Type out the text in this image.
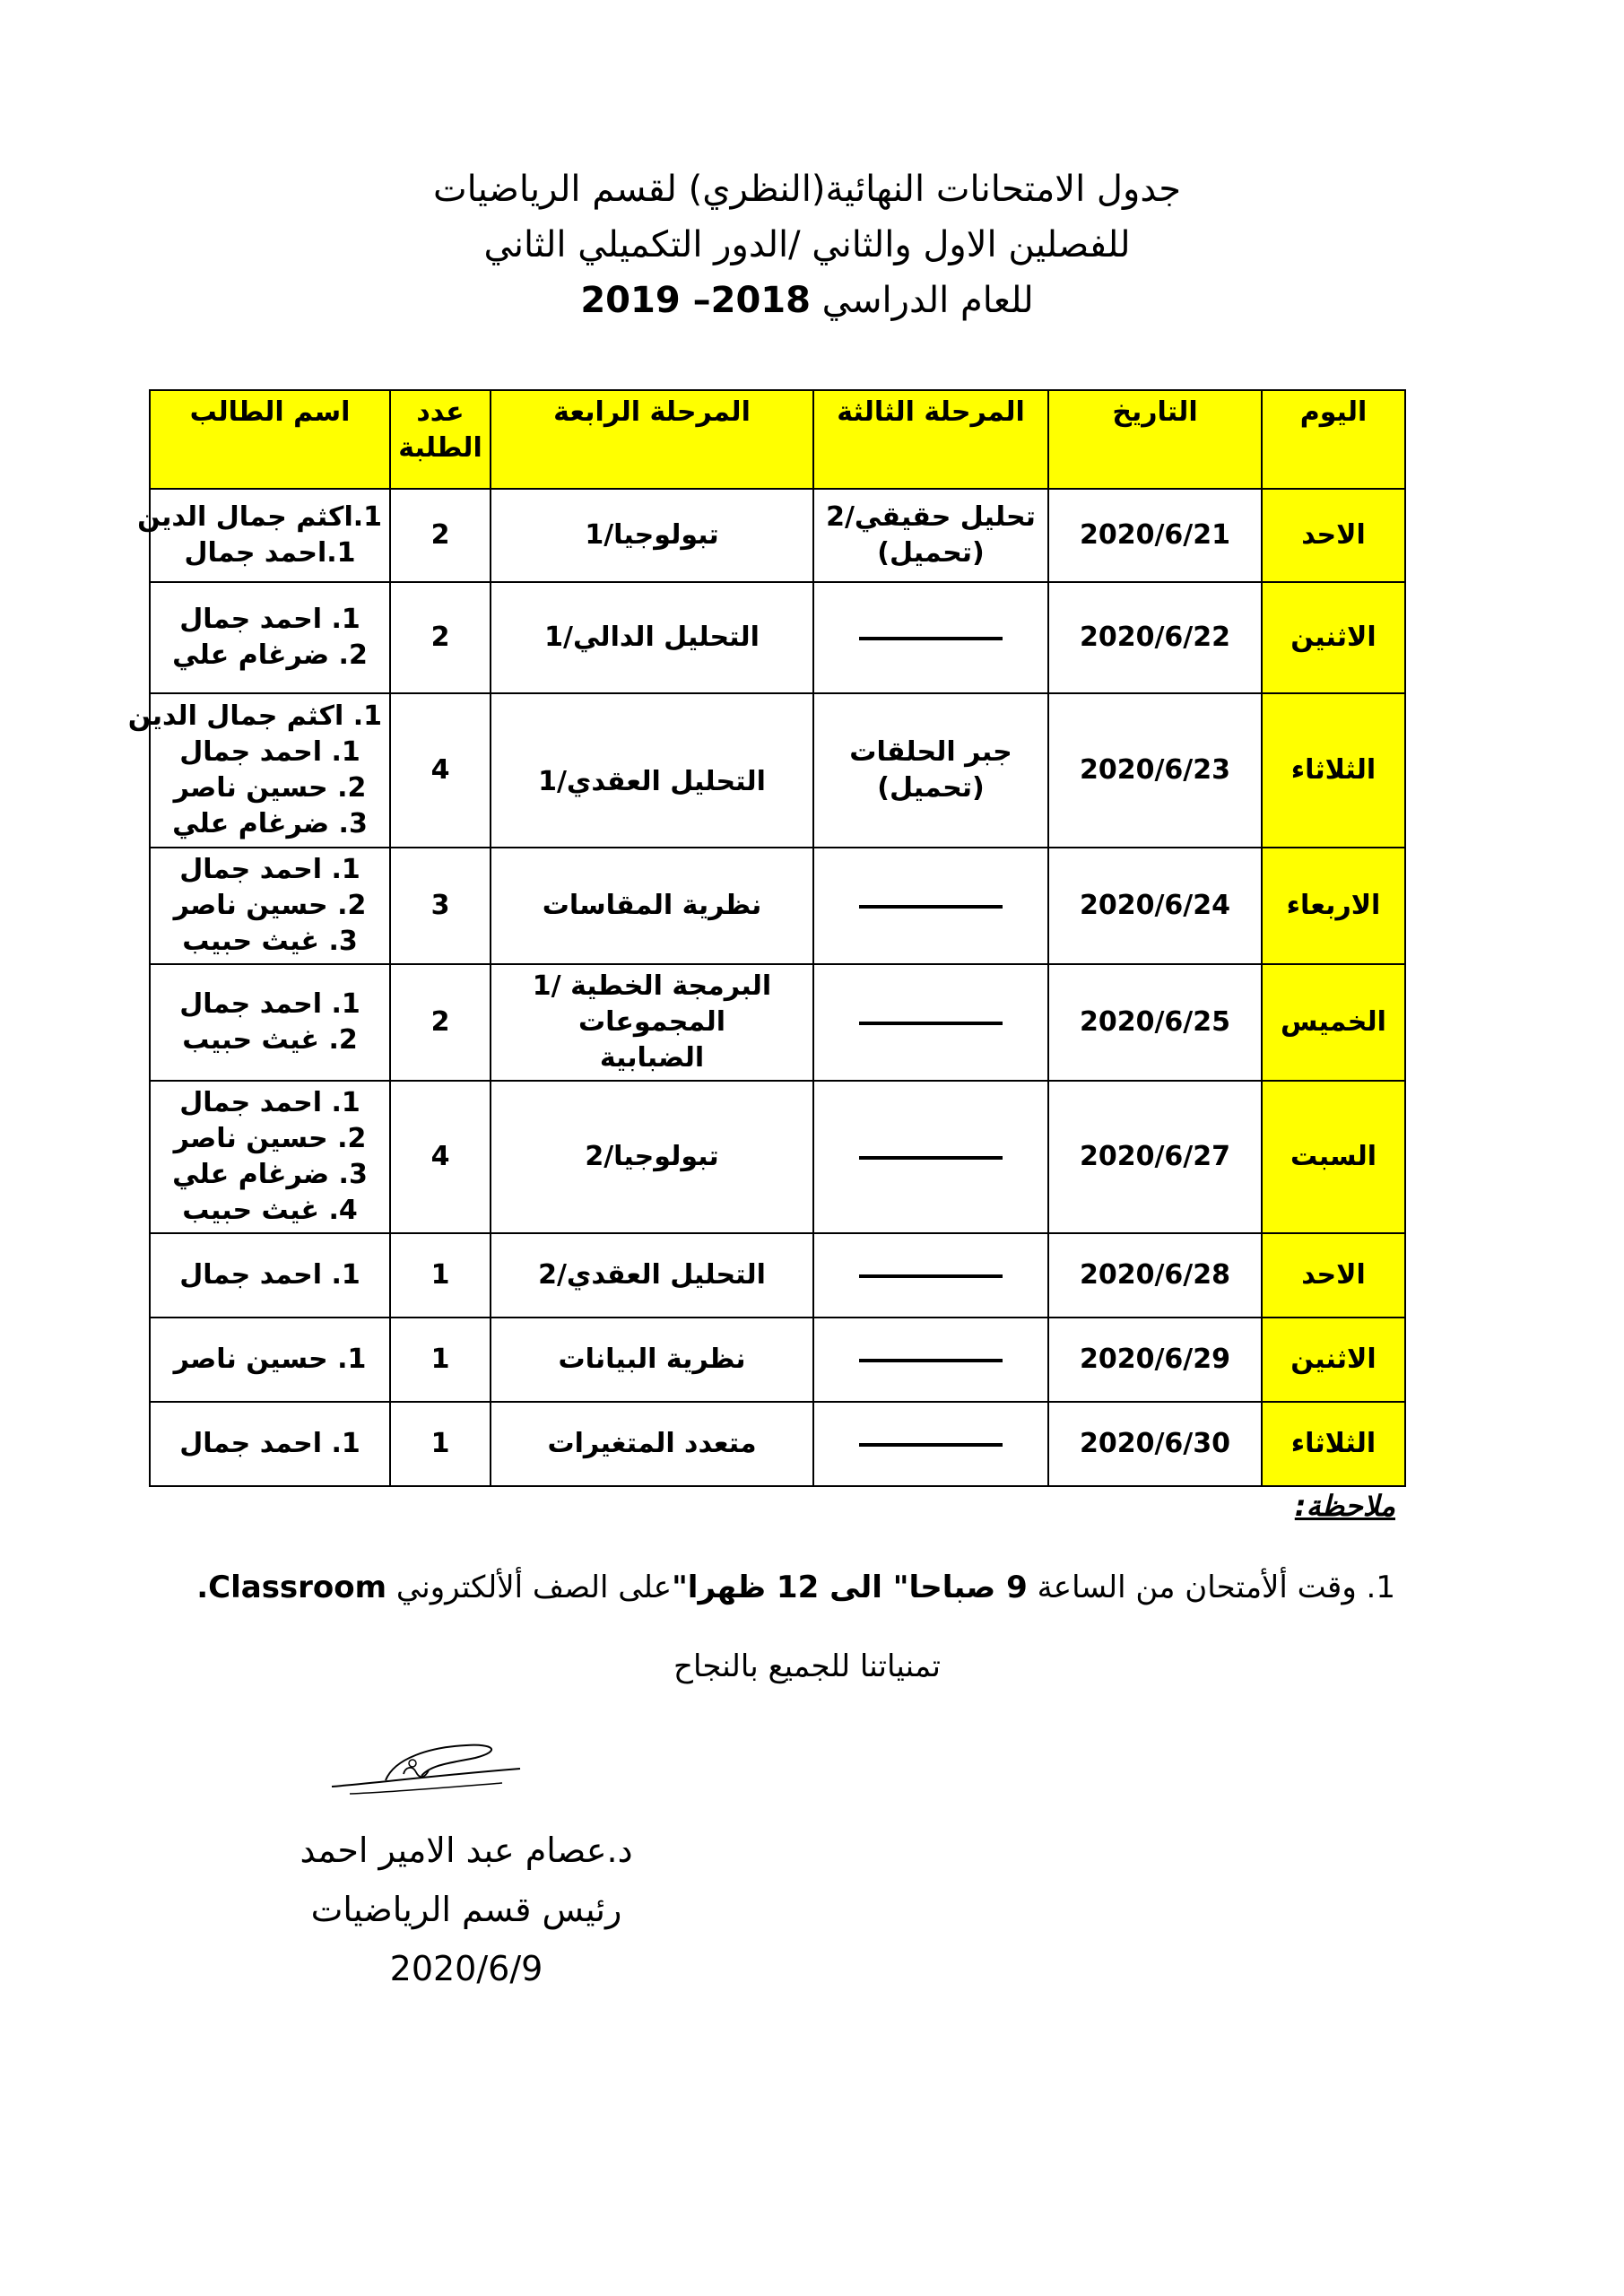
جدول الامتحانات النهائية(النظري) لقسم الرياضيات
للفصلين الاول والثاني /الدور التكميلي الثاني
للعام الدراسي 2018– 2019
اليوم	التاريخ	المرحلة الثالثة	المرحلة الرابعة	عدد الطلبة	اسم الطالب
الاحد	2020/6/21	تحليل حقيقي/2 (تحميل)	تبولوجيا/1	2	1.اكثم جمال الدين
1.احمد جمال

الاثنين	2020/6/22		التحليل الدالي/1	2	1. احمد جمال
2. ضرغام علي

الثلاثاء	2020/6/23	جبر الحلقات (تحميل)	التحليل العقدي/1	4	1. اكثم جمال الدين
1. احمد جمال
2. حسين ناصر
3. ضرغام علي

الاربعاء	2020/6/24		نظرية المقاسات	3	1. احمد جمال
2. حسين ناصر
3. غيث حبيب

الخميس	2020/6/25		البرمجة الخطية /1 المجموعات الضبابية	2	1. احمد جمال
2. غيث حبيب

السبت	2020/6/27		تبولوجيا/2	4	1. احمد جمال
2. حسين ناصر
3. ضرغام علي
4. غيث حبيب

الاحد	2020/6/28		التحليل العقدي/2	1	1. احمد جمال

الاثنين	2020/6/29		نظرية البيانات	1	1. حسين ناصر

الثلاثاء	2020/6/30		متعدد المتغيرات	1	1. احمد جمال
ملاحظة:
1. وقت ألأمتحان من الساعة 9 صباحا" الى 12 ظهرا"على الصف ألألكتروني Classroom.
تمنياتنا للجميع بالنجاح
د.عصام عبد الامير احمد
رئيس قسم الرياضيات
2020/6/9
